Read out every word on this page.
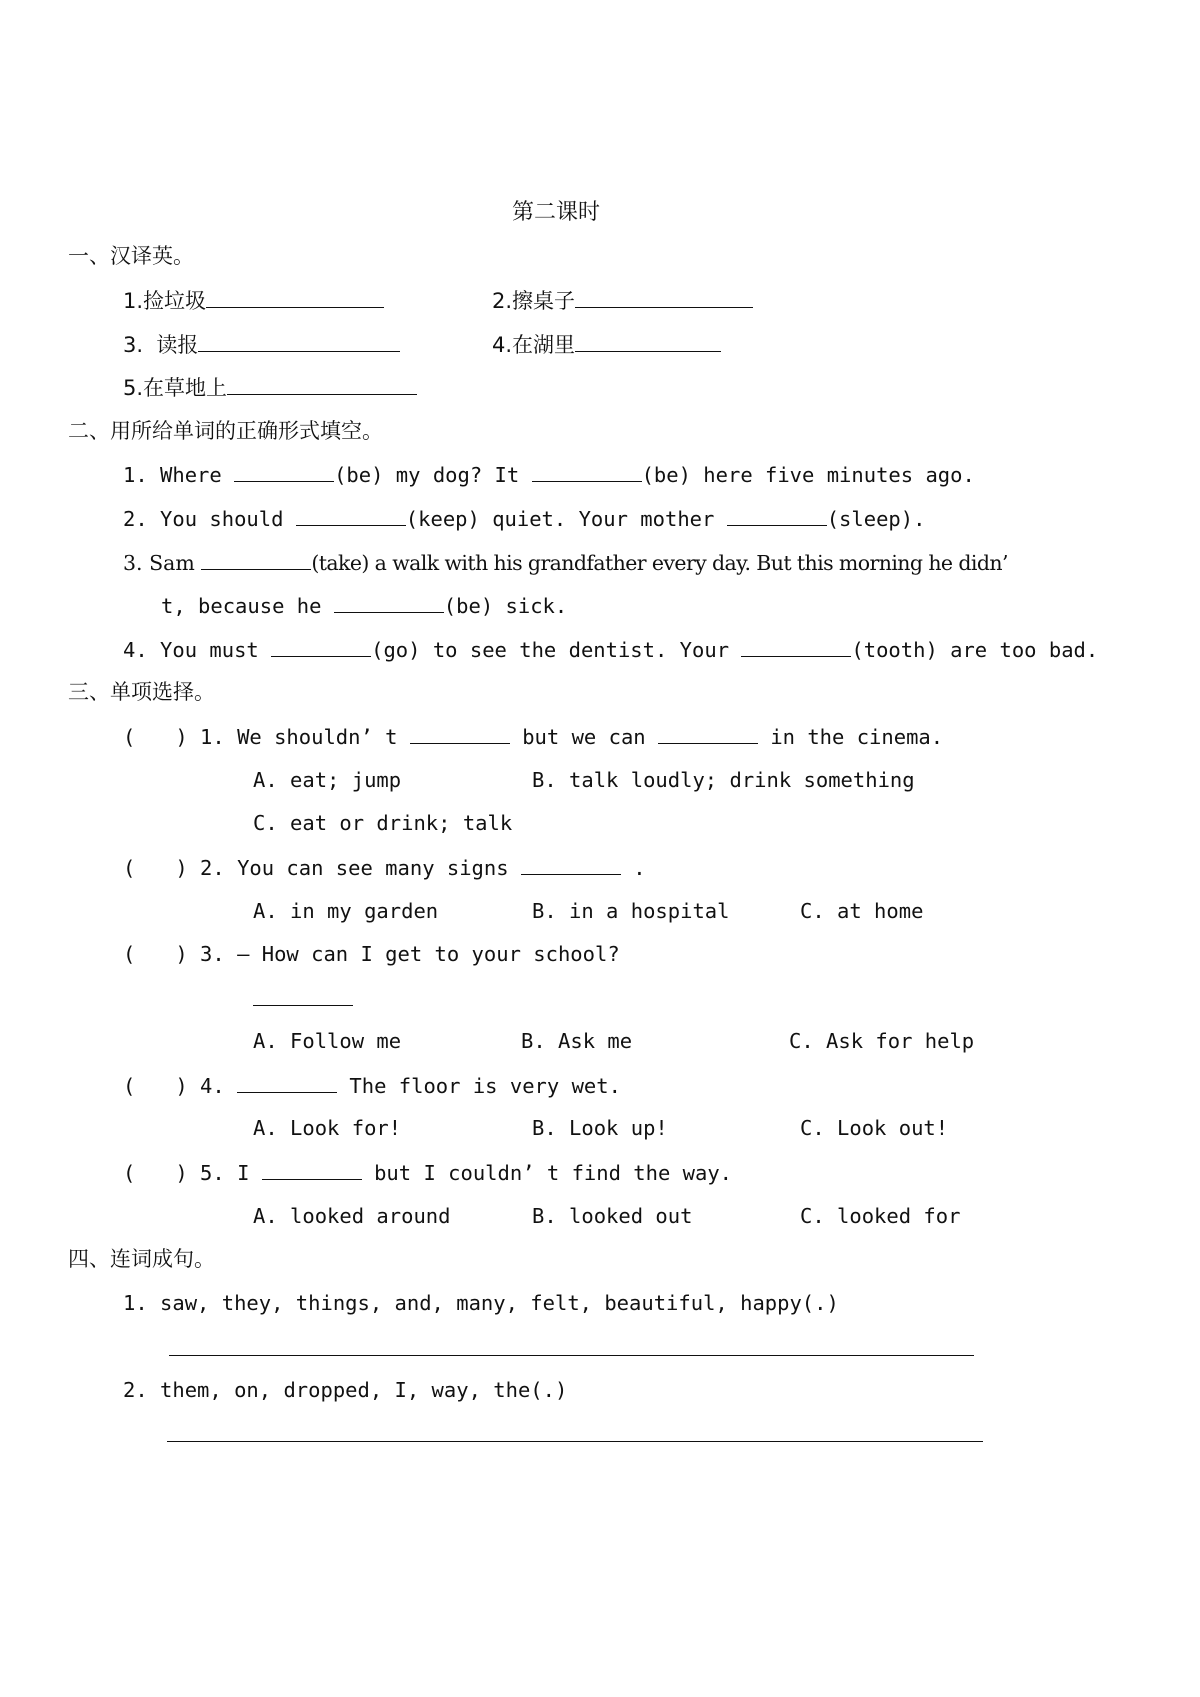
第二课时
一、汉译英。
1.捡垃圾	2.擦桌子
3.  读报	4.在湖里
5.在草地上
二、用所给单词的正确形式填空。
1. Where	(be) my dog? It	(be) here five minutes ago.
2. You should	(keep) quiet. Your mother	(sleep).
3. Sam	(take) a walk with his grandfather every day. But this morning he didn’
t, because he	(be) sick.
4. You must	(go) to see the dentist. Your	(tooth) are too bad.
三、单项选择。
( ) 1. We shouldn’ t	but we can	in the cinema.
A. eat; jump	B. talk loudly; drink something
C. eat or drink; talk
( ) 2. You can see many signs	.
A. in my garden	B. in a hospital	C. at home
( ) 3. — How can I get to your school?
A. Follow me	B. Ask me	C. Ask for help
( ) 4.	The floor is very wet.
A. Look for!	B. Look up!	C. Look out!
( ) 5. I	but I couldn’ t find the way.
A. looked around	B. looked out	C. looked for
四、连词成句。
1. saw, they, things, and, many, felt, beautiful, happy(.)
2. them, on, dropped, I, way, the(.)
